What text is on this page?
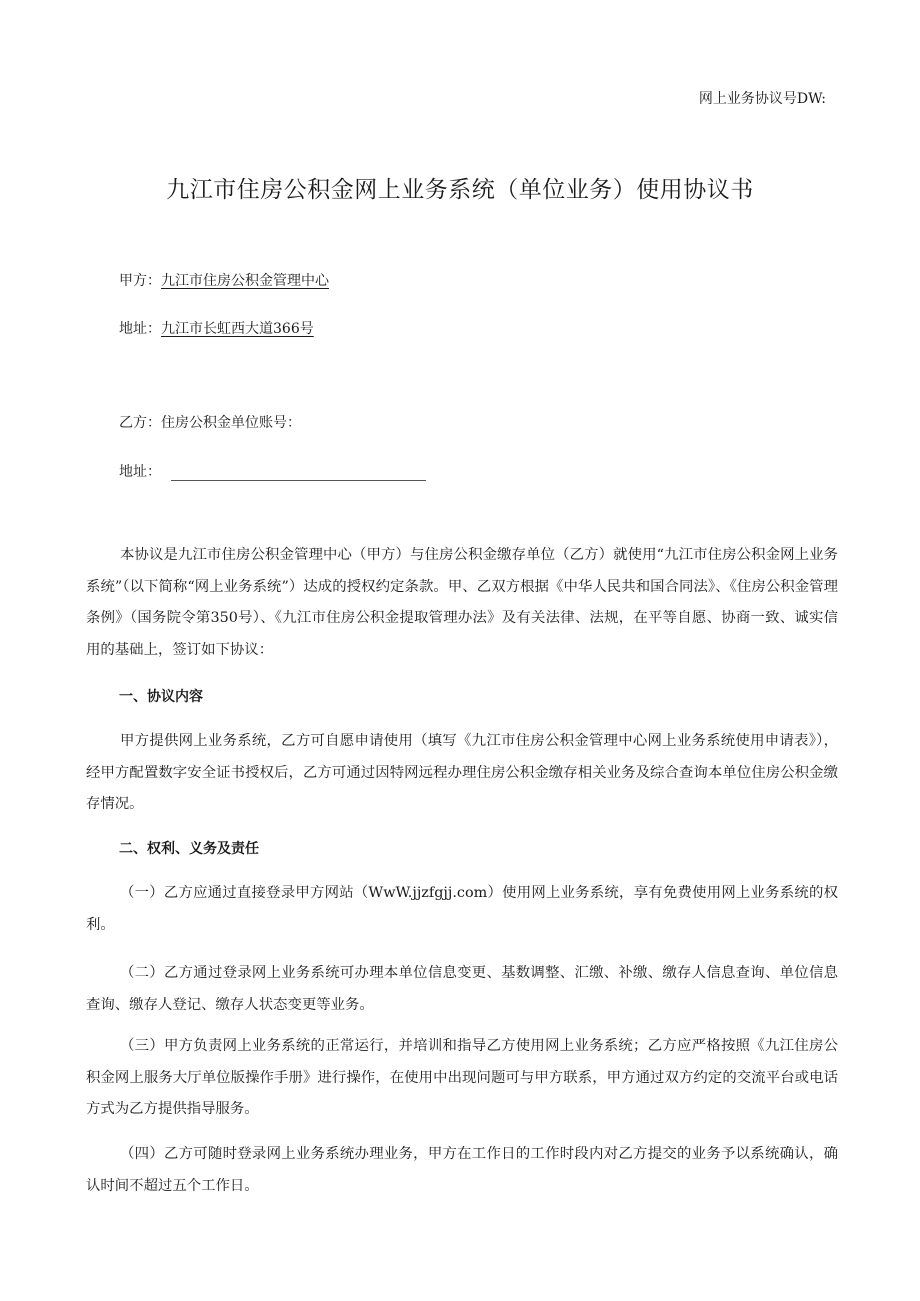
网上业务协议号DW:
九江市住房公积金网上业务系统（单位业务）使用协议书
甲方：九江市住房公积金管理中心
地址：九江市长虹西大道366号
乙方：住房公积金单位账号：
地址：
本协议是九江市住房公积金管理中心（甲方）与住房公积金缴存单位（乙方）就使用“九江市住房公积金网上业务系统”（以下简称“网上业务系统”）达成的授权约定条款。甲、乙双方根据《中华人民共和国合同法》、《住房公积金管理条例》（国务院令第350号）、《九江市住房公积金提取管理办法》及有关法律、法规，在平等自愿、协商一致、诚实信用的基础上，签订如下协议：
一、协议内容
甲方提供网上业务系统，乙方可自愿申请使用（填写《九江市住房公积金管理中心网上业务系统使用申请表》），经甲方配置数字安全证书授权后，乙方可通过因特网远程办理住房公积金缴存相关业务及综合查询本单位住房公积金缴存情况。
二、权利、义务及责任
（一）乙方应通过直接登录甲方网站（WwW.jjzfgjj.com）使用网上业务系统，享有免费使用网上业务系统的权利。
（二）乙方通过登录网上业务系统可办理本单位信息变更、基数调整、汇缴、补缴、缴存人信息查询、单位信息查询、缴存人登记、缴存人状态变更等业务。
（三）甲方负责网上业务系统的正常运行，并培训和指导乙方使用网上业务系统；乙方应严格按照《九江住房公积金网上服务大厅单位版操作手册》进行操作，在使用中出现问题可与甲方联系，甲方通过双方约定的交流平台或电话方式为乙方提供指导服务。
（四）乙方可随时登录网上业务系统办理业务，甲方在工作日的工作时段内对乙方提交的业务予以系统确认，确认时间不超过五个工作日。
